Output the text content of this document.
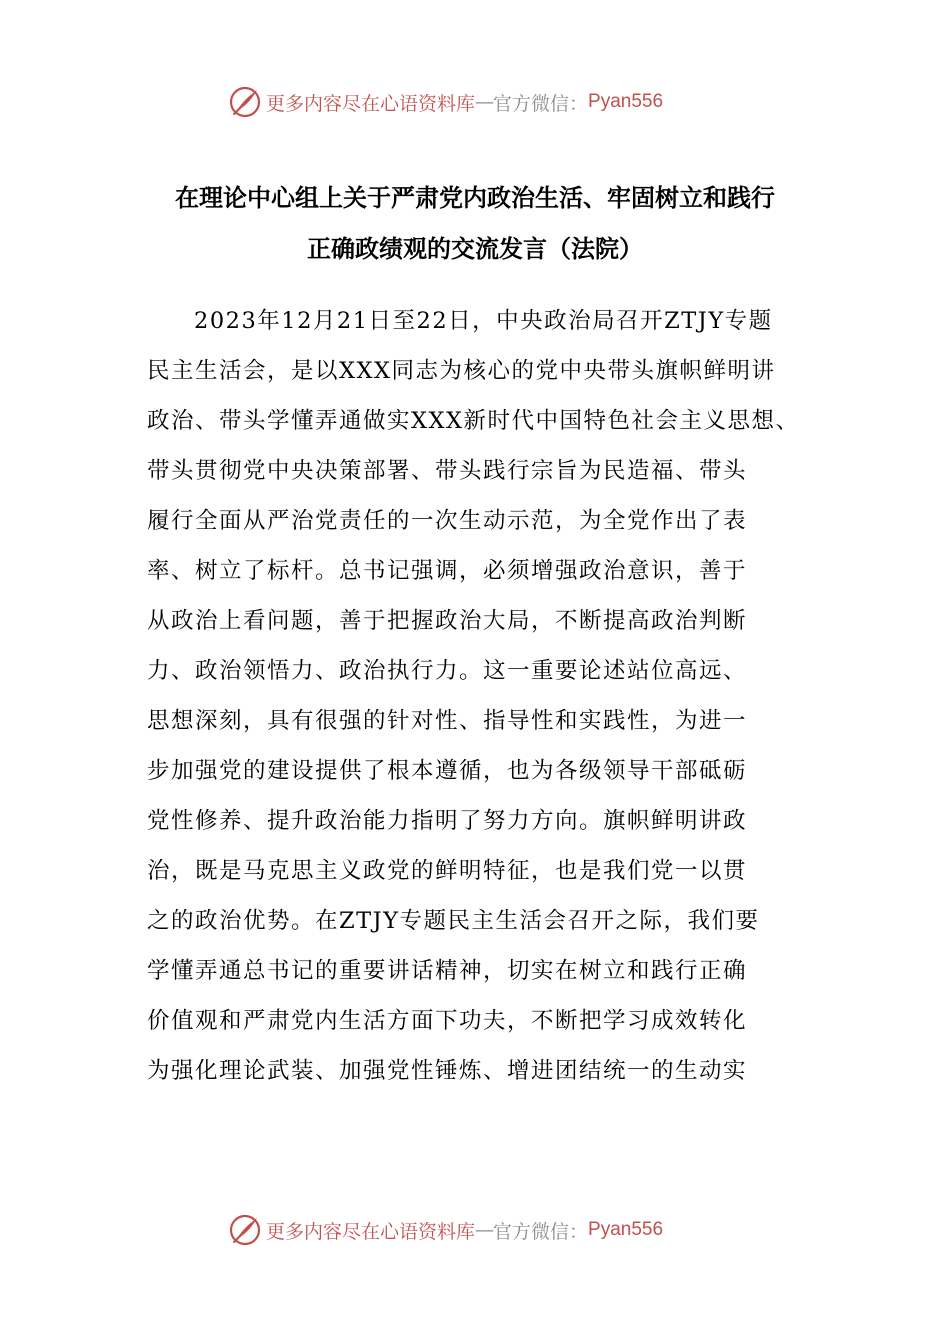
更多内容尽在心语资料库 — 官方微信： Pyan556
在理论中心组上关于严肃党内政治生活、牢固树立和践行
正确政绩观的交流发言（法院）
2023年12月21日至22日，中央政治局召开ZTJY专题
民主生活会，是以XXX同志为核心的党中央带头旗帜鲜明讲
政治、带头学懂弄通做实XXX新时代中国特色社会主义思想、
带头贯彻党中央决策部署、带头践行宗旨为民造福、带头
履行全面从严治党责任的一次生动示范，为全党作出了表
率、树立了标杆。总书记强调，必须增强政治意识，善于
从政治上看问题，善于把握政治大局，不断提高政治判断
力、政治领悟力、政治执行力。这一重要论述站位高远、
思想深刻，具有很强的针对性、指导性和实践性，为进一
步加强党的建设提供了根本遵循，也为各级领导干部砥砺
党性修养、提升政治能力指明了努力方向。旗帜鲜明讲政
治，既是马克思主义政党的鲜明特征，也是我们党一以贯
之的政治优势。在ZTJY专题民主生活会召开之际，我们要
学懂弄通总书记的重要讲话精神，切实在树立和践行正确
价值观和严肃党内生活方面下功夫，不断把学习成效转化
为强化理论武装、加强党性锤炼、增进团结统一的生动实
更多内容尽在心语资料库 — 官方微信： Pyan556
